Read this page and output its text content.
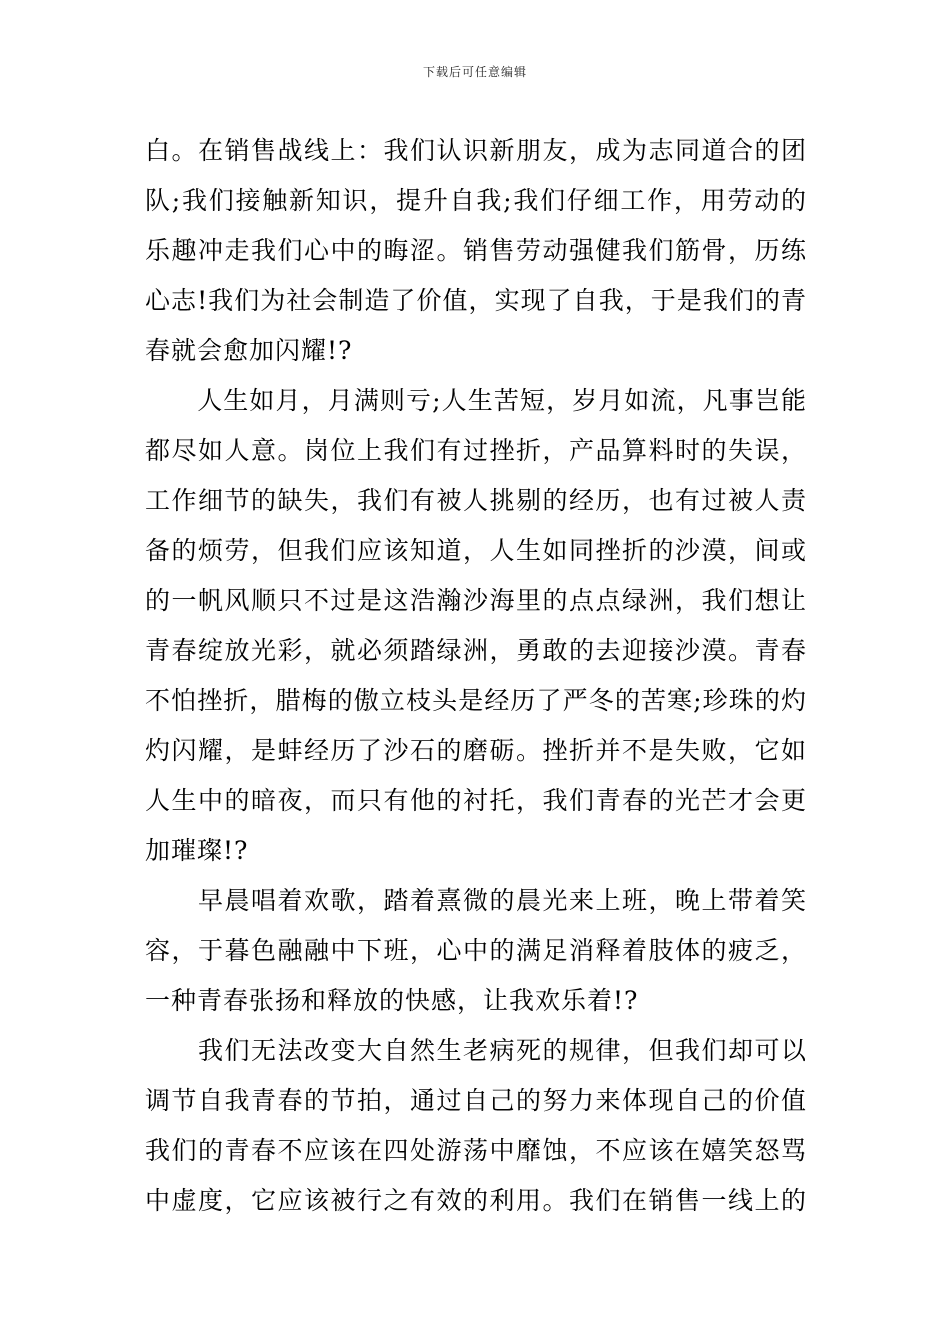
下载后可任意编辑
白。在销售战线上：我们认识新朋友，成为志同道合的团
队;我们接触新知识，提升自我;我们仔细工作，用劳动的
乐趣冲走我们心中的晦涩。销售劳动强健我们筋骨，历练
心志!我们为社会制造了价值，实现了自我，于是我们的青
春就会愈加闪耀!?
　　人生如月，月满则亏;人生苦短，岁月如流，凡事岂能
都尽如人意。岗位上我们有过挫折，产品算料时的失误，
工作细节的缺失，我们有被人挑剔的经历，也有过被人责
备的烦劳，但我们应该知道，人生如同挫折的沙漠，间或
的一帆风顺只不过是这浩瀚沙海里的点点绿洲，我们想让
青春绽放光彩，就必须踏绿洲，勇敢的去迎接沙漠。青春
不怕挫折，腊梅的傲立枝头是经历了严冬的苦寒;珍珠的灼
灼闪耀，是蚌经历了沙石的磨砺。挫折并不是失败，它如
人生中的暗夜，而只有他的衬托，我们青春的光芒才会更
加璀璨!?
　　早晨唱着欢歌，踏着熹微的晨光来上班，晚上带着笑
容，于暮色融融中下班，心中的满足消释着肢体的疲乏，
一种青春张扬和释放的快感，让我欢乐着!?
　　我们无法改变大自然生老病死的规律，但我们却可以
调节自我青春的节拍，通过自己的努力来体现自己的价值
我们的青春不应该在四处游荡中靡蚀，不应该在嬉笑怒骂
中虚度，它应该被行之有效的利用。我们在销售一线上的
